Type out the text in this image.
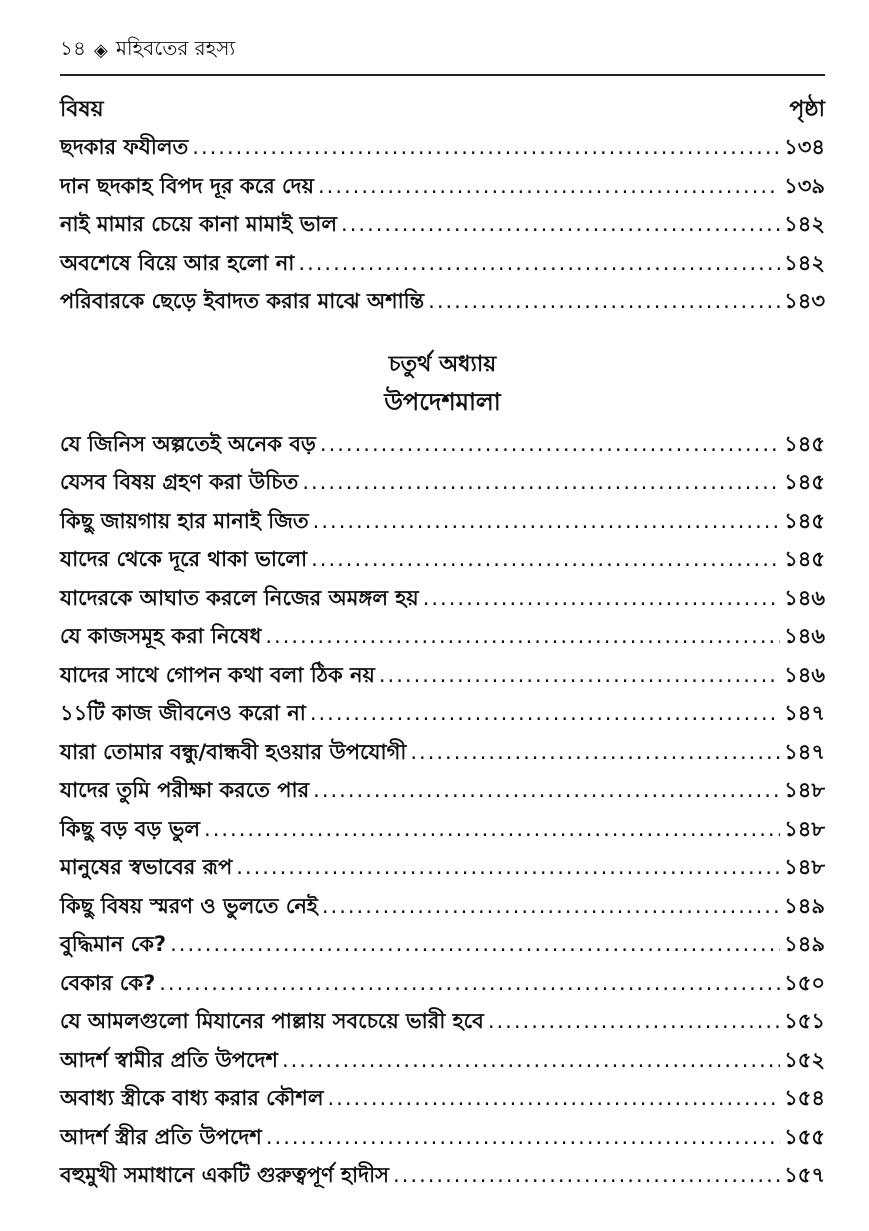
১৪ ◈ মহিবতের রহস্য
বিষয়	পৃষ্ঠা
ছদকার ফযীলত .....	১৩৪
দান ছদকাহ বিপদ দূর করে দেয় .....	১৩৯
নাই মামার চেয়ে কানা মামাই ভাল .....	১৪২
অবশেষে বিয়ে আর হলো না .....	১৪২
পরিবারকে ছেড়ে ইবাদত করার মাঝে অশান্তি .....	১৪৩
চতুর্থ অধ্যায়
উপদেশমালা
যে জিনিস অল্পতেই অনেক বড় .....	১৪৫
যেসব বিষয় গ্রহণ করা উচিত .....	১৪৫
কিছু জায়গায় হার মানাই জিত .....	১৪৫
যাদের থেকে দূরে থাকা ভালো .....	১৪৫
যাদেরকে আঘাত করলে নিজের অমঙ্গল হয় .....	১৪৬
যে কাজসমূহ করা নিষেধ .....	১৪৬
যাদের সাথে গোপন কথা বলা ঠিক নয় .....	১৪৬
১১টি কাজ জীবনেও করো না .....	১৪৭
যারা তোমার বন্ধু/বান্ধবী হওয়ার উপযোগী .....	১৪৭
যাদের তুমি পরীক্ষা করতে পার .....	১৪৮
কিছু বড় বড় ভুল .....	১৪৮
মানুষের স্বভাবের রূপ .....	১৪৮
কিছু বিষয় স্মরণ ও ভুলতে নেই .....	১৪৯
বুদ্ধিমান কে? .....	১৪৯
বেকার কে? .....	১৫০
যে আমলগুলো মিযানের পাল্লায় সবচেয়ে ভারী হবে .....	১৫১
আদর্শ স্বামীর প্রতি উপদেশ .....	১৫২
অবাধ্য স্ত্রীকে বাধ্য করার কৌশল .....	১৫৪
আদর্শ স্ত্রীর প্রতি উপদেশ .....	১৫৫
বহুমুখী সমাধানে একটি গুরুত্বপূর্ণ হাদীস .....	১৫৭
